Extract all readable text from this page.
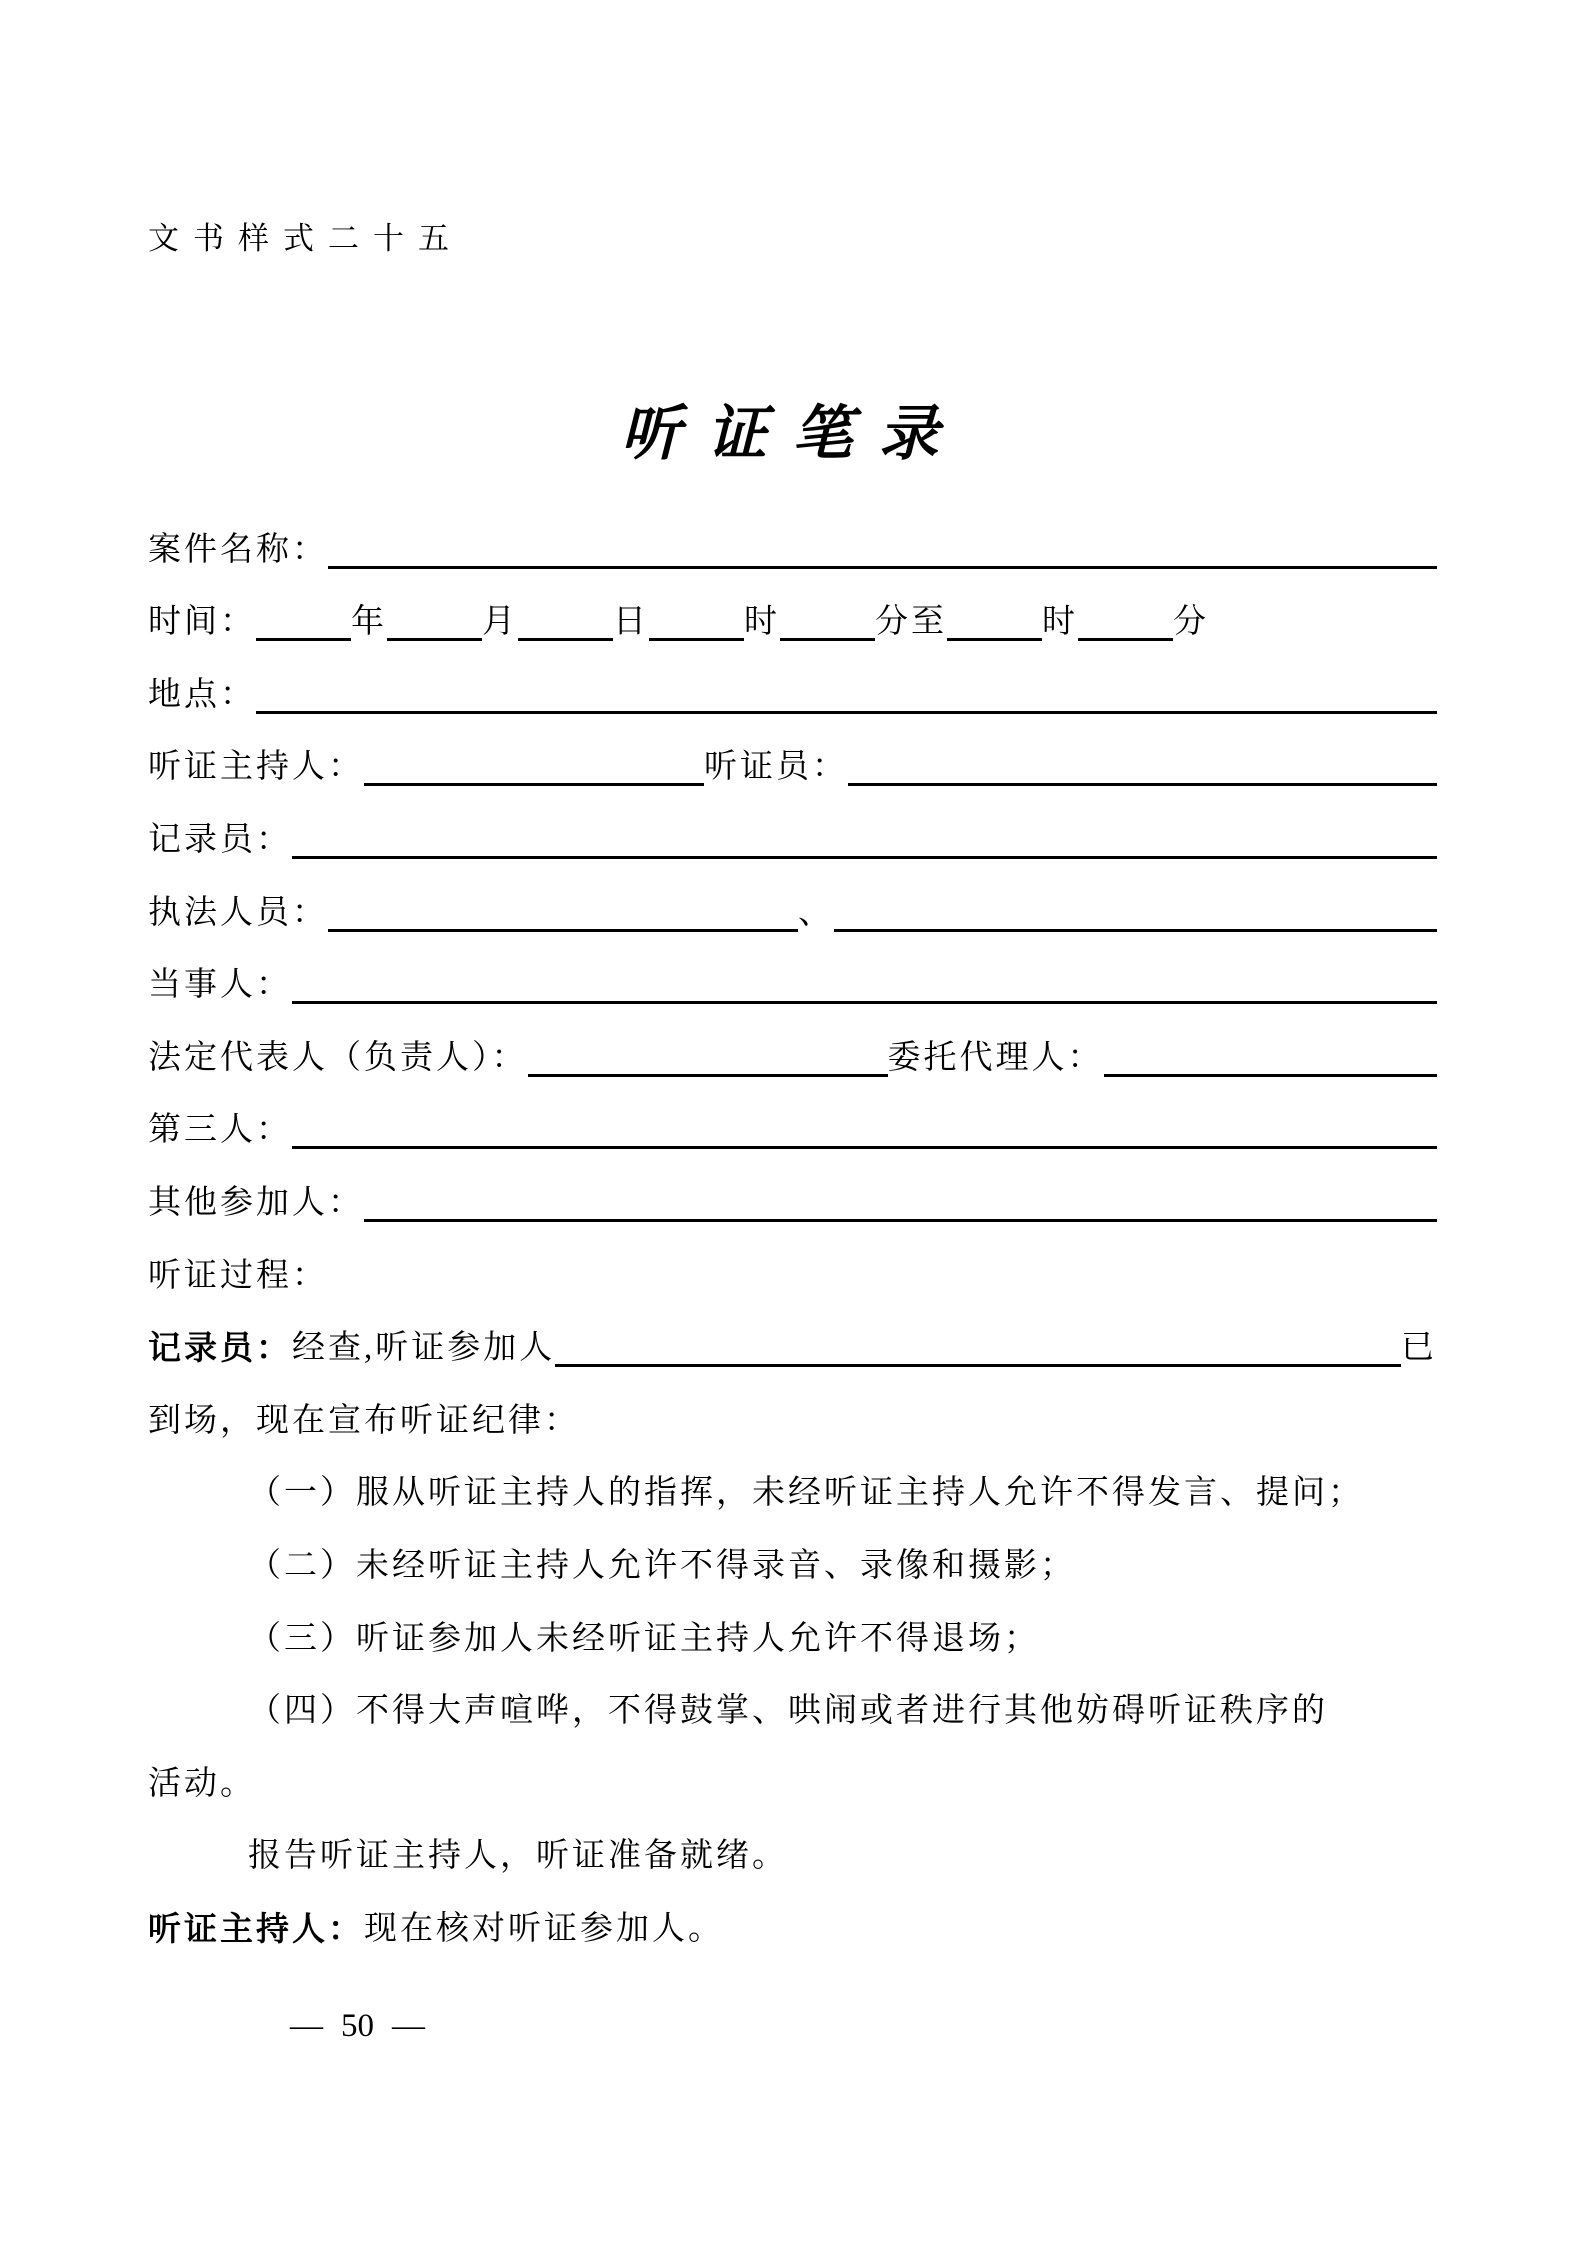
文书样式二十五
听证笔录
案件名称：
时间：	年	月	日	时	分至	时	分
地点：
听证主持人：	听证员：
记录员：
执法人员：	、
当事人：
法定代表人（负责人）：	委托代理人：
第三人：
其他参加人：
听证过程：
记录员： 经查,听证参加人	已
到场，现在宣布听证纪律：
（一）服从听证主持人的指挥，未经听证主持人允许不得发言、提问；
（二）未经听证主持人允许不得录音、录像和摄影；
（三）听证参加人未经听证主持人允许不得退场；
（四）不得大声喧哗，不得鼓掌、哄闹或者进行其他妨碍听证秩序的
活动。
报告听证主持人，听证准备就绪。
听证主持人： 现在核对听证参加人。
— 50 —
